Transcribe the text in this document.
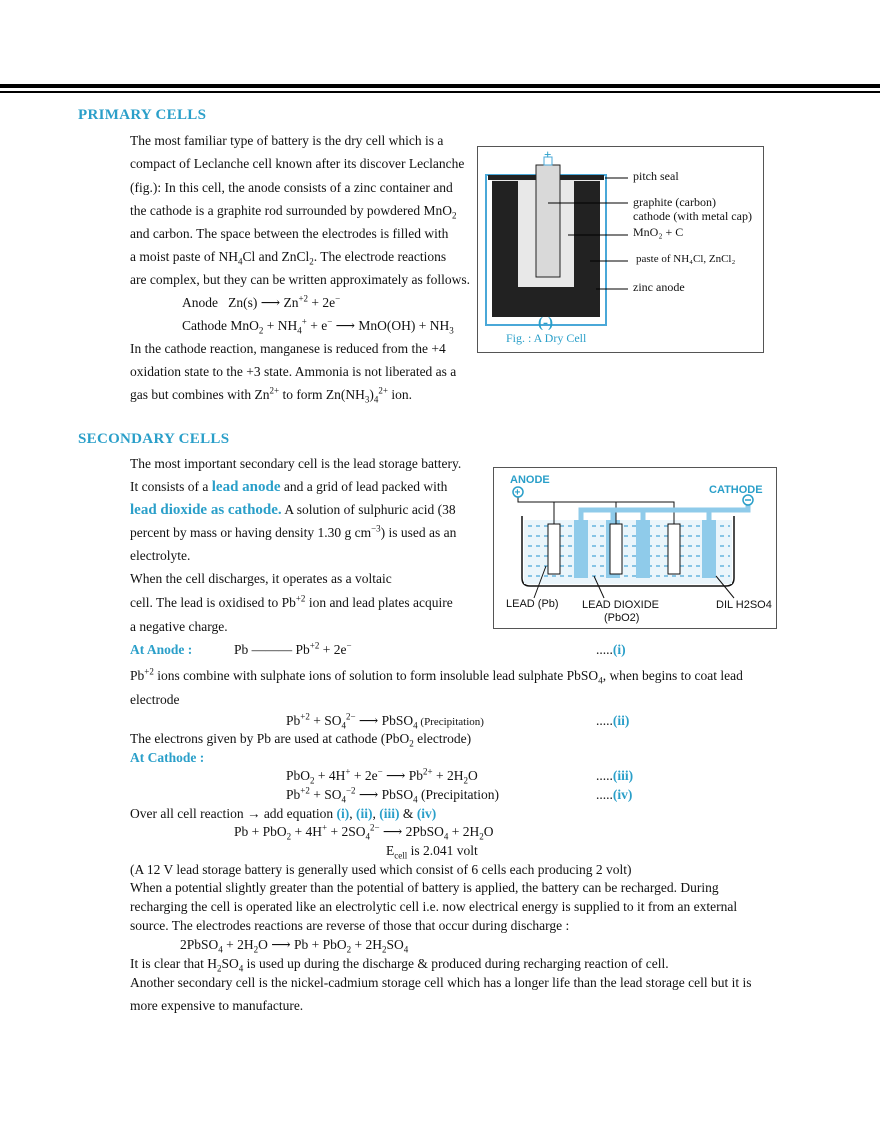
PRIMARY CELLS
The most familiar type of battery is the dry cell which is a
compact of Leclanche cell known after its discover Leclanche
(fig.): In this cell, the anode consists of a zinc container and
the cathode is a graphite rod surrounded by powdered MnO$_2$
and carbon. The space between the electrodes is filled with
a moist paste of $NH_4Cl$ and ZnCl$_2$. The electrode reactions
are complex, but they can be written approximately as follows.
Anode Zn(s) ⟶ $Zn^{+2} + 2e^-$
Cathode $MnO_2 + NH_4^+ + e^-$ ⟶ $MnO(OH) + NH_3$
In the cathode reaction, manganese is reduced from the +4
oxidation state to the +3 state. Ammonia is not liberated as a
gas but combines with $Zn^{2+}$ to form $Zn(NH_3)_4^{2+}$ ion.
+
pitch seal
graphite (carbon)
cathode (with metal cap)
MnO₂ + C
paste of NH₄Cl, ZnCl₂
zinc anode
(-)
Fig. : A Dry Cell
SECONDARY CELLS
The most important secondary cell is the lead storage battery.
It consists of a lead anode and a grid of lead packed with
lead dioxide as cathode. A solution of sulphuric acid (38
percent by mass or having density 1.30 g $cm^{-3}$) is used as an
electrolyte.
When the cell discharges, it operates as a voltaic
cell. The lead is oxidised to $Pb^{+2}$ ion and lead plates acquire
a negative charge.
+
ANODE
CATHODE
LEAD (Pb) LEAD DIOXIDE
(PbO2)
DIL H2SO4
At Anode :	Pb ——— $Pb^{+2} + 2e^-$	.....(i)
$Pb^{+2}$ ions combine with sulphate ions of solution to form insoluble lead sulphate PbSO$_4$, when begins to coat lead
electrode
$Pb^{+2} + SO_4^{2-}$ ⟶ PbSO$_4$ (Precipitation)	.....(ii)
The electrons given by Pb are used at cathode (PbO$_2$ electrode)
At Cathode :
PbO$_2$ + 4H+ + 2e− ⟶ $Pb^{2+} + 2H_2O$	.....(iii)
$Pb^{+2} + SO_4^{-2}$ ⟶ PbSO$_4$ (Precipitation)	.....(iv)
Over all cell reaction → add equation (i), (ii), (iii) & (iv)
$Pb + PbO_2 + 4H^+ + 2SO_4^{2-}$ ⟶ 2PbSO$_4$ + $2H_2O$
$E_{cell}$ is 2.041 volt
(A 12 V lead storage battery is generally used which consist of 6 cells each producing 2 volt)
When a potential slightly greater than the potential of battery is applied, the battery can be recharged. During
recharging the cell is operated like an electrolytic cell i.e. now electrical energy is supplied to it from an external
source. The electrodes reactions are reverse of those that occur during discharge :
2PbSO$_4$ + $2H_2O$ ⟶ $Pb + PbO_2 + 2H_2SO_4$
It is clear that $H_2SO_4$ is used up during the discharge & produced during recharging reaction of cell.
Another secondary cell is the nickel-cadmium storage cell which has a longer life than the lead storage cell but it is
more expensive to manufacture.
